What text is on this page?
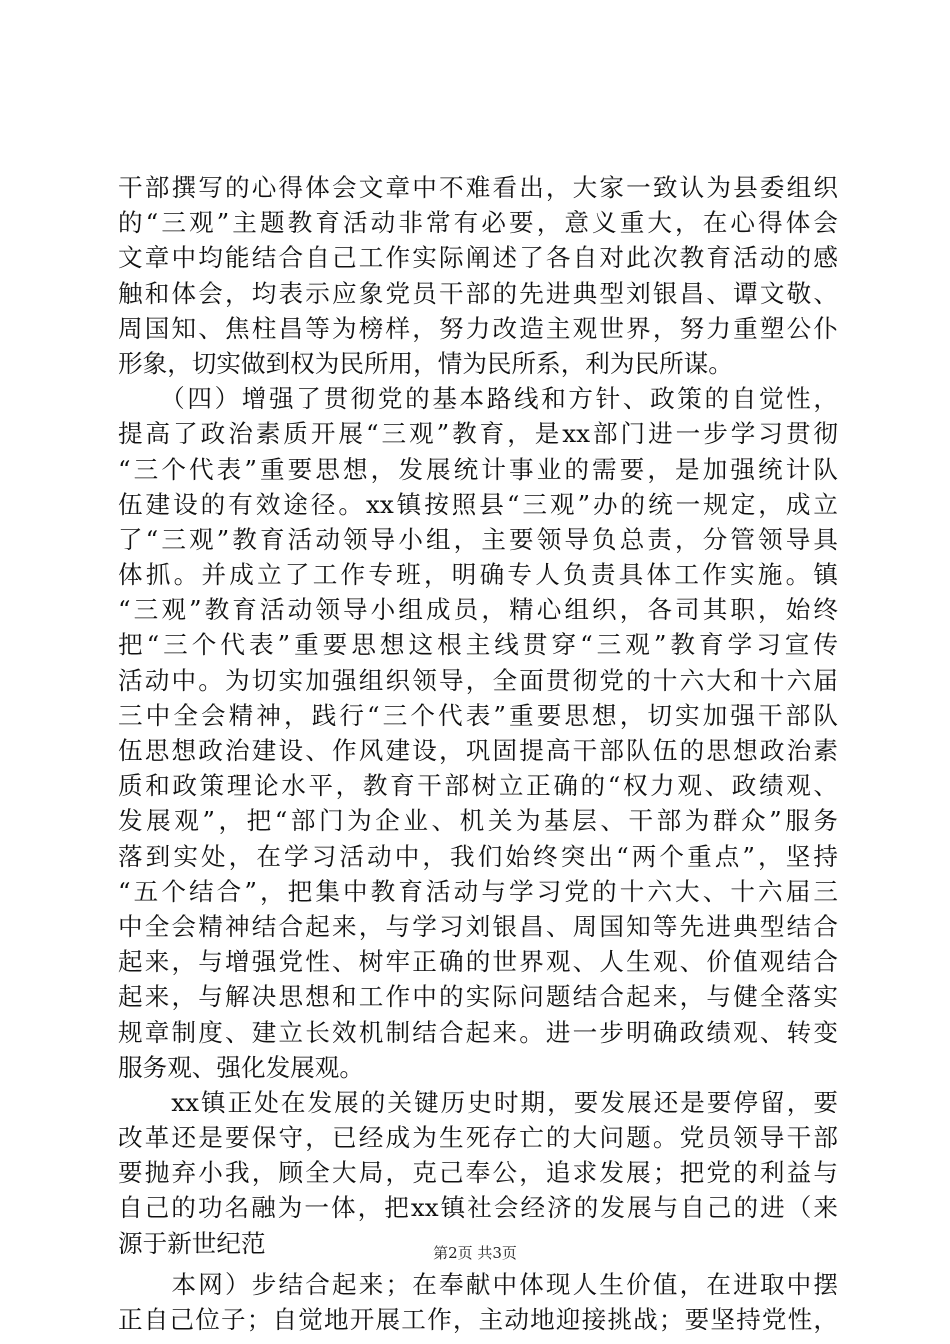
干部撰写的心得体会文章中不难看出，大家一致认为县委组织
的“三观”主题教育活动非常有必要，意义重大，在心得体会
文章中均能结合自己工作实际阐述了各自对此次教育活动的感
触和体会，均表示应象党员干部的先进典型刘银昌、谭文敬、
周国知、焦柱昌等为榜样，努力改造主观世界，努力重塑公仆
形象，切实做到权为民所用，情为民所系，利为民所谋。
　　（四）增强了贯彻党的基本路线和方针、政策的自觉性，
提高了政治素质开展“三观”教育，是xx部门进一步学习贯彻
“三个代表”重要思想，发展统计事业的需要，是加强统计队
伍建设的有效途径。xx镇按照县“三观”办的统一规定，成立
了“三观”教育活动领导小组，主要领导负总责，分管领导具
体抓。并成立了工作专班，明确专人负责具体工作实施。镇
“三观”教育活动领导小组成员，精心组织，各司其职，始终
把“三个代表”重要思想这根主线贯穿“三观”教育学习宣传
活动中。为切实加强组织领导，全面贯彻党的十六大和十六届
三中全会精神，践行“三个代表”重要思想，切实加强干部队
伍思想政治建设、作风建设，巩固提高干部队伍的思想政治素
质和政策理论水平，教育干部树立正确的“权力观、政绩观、
发展观”，把“部门为企业、机关为基层、干部为群众”服务
落到实处，在学习活动中，我们始终突出“两个重点”，坚持
“五个结合”，把集中教育活动与学习党的十六大、十六届三
中全会精神结合起来，与学习刘银昌、周国知等先进典型结合
起来，与增强党性、树牢正确的世界观、人生观、价值观结合
起来，与解决思想和工作中的实际问题结合起来，与健全落实
规章制度、建立长效机制结合起来。进一步明确政绩观、转变
服务观、强化发展观。
　　xx镇正处在发展的关键历史时期，要发展还是要停留，要
改革还是要保守，已经成为生死存亡的大问题。党员领导干部
要抛弃小我，顾全大局，克己奉公，追求发展；把党的利益与
自己的功名融为一体，把xx镇社会经济的发展与自己的进（来
源于新世纪范
　　本网）步结合起来；在奉献中体现人生价值，在进取中摆
正自己位子；自觉地开展工作，主动地迎接挑战；要坚持党性，
第2页 共3页
